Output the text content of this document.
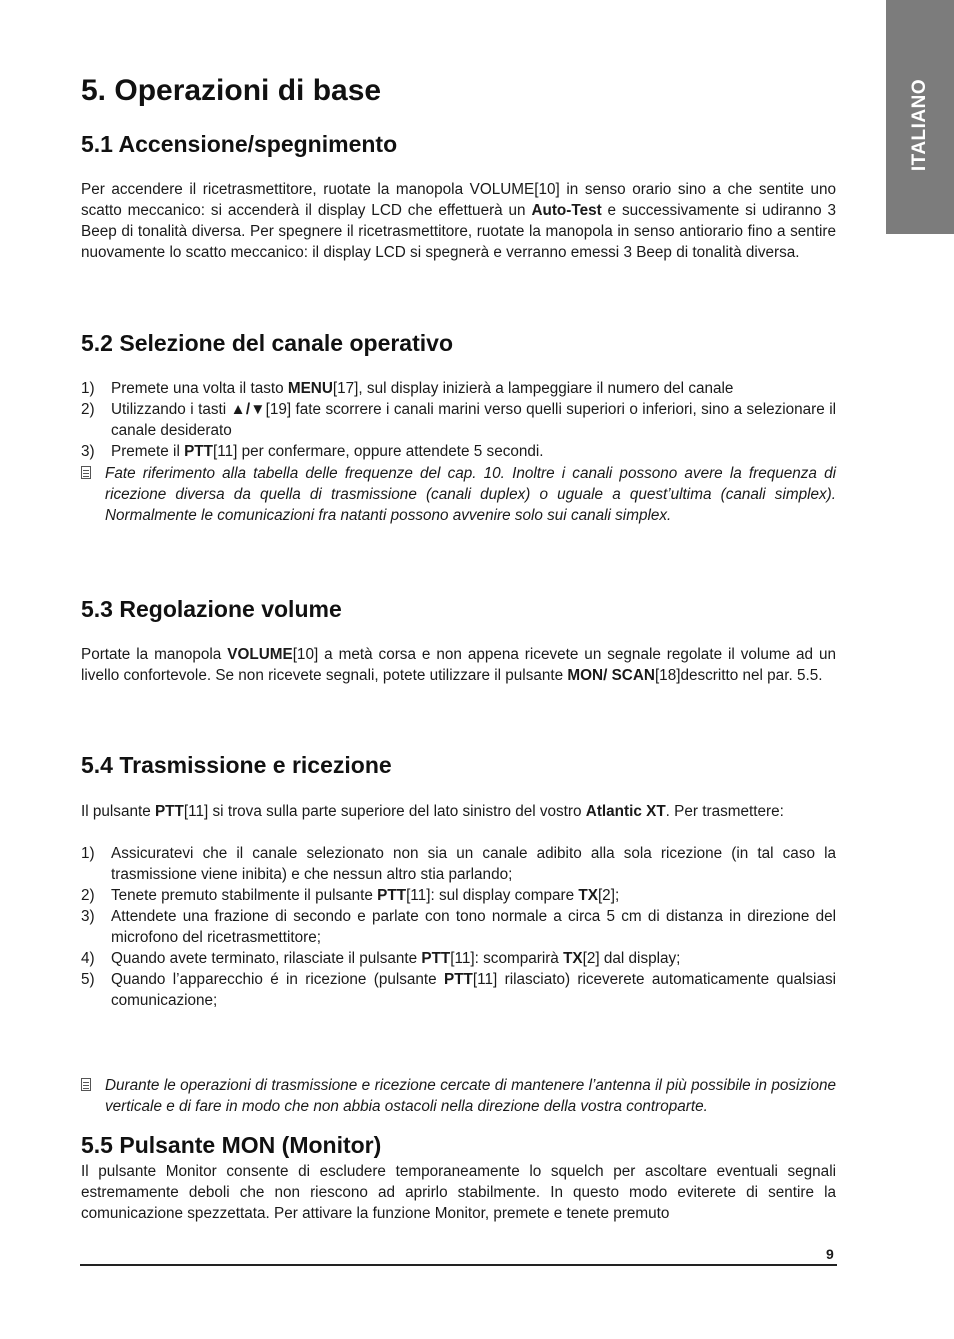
ITALIANO
5. Operazioni di base
5.1 Accensione/spegnimento

Per accendere il ricetrasmettitore, ruotate la manopola VOLUME[10] in senso orario sino a che sentite uno scatto meccanico: si accenderà il display LCD che effettuerà un Auto-Test e successivamente si udiranno 3 Beep di tonalità diversa. Per spegnere il ricetrasmettitore, ruotate la manopola in senso antiorario fino a sentire nuovamente lo scatto meccanico: il display LCD si spegnerà e verranno emessi 3 Beep di tonalità diversa.

5.2 Selezione del canale operativo
1) Premete una volta il tasto MENU[17], sul display inizierà a lampeggiare il numero del canale
2) Utilizzando i tasti ▲/▼[19] fate scorrere i canali marini verso quelli superiori o inferiori, sino a selezionare il canale desiderato
3) Premete il PTT[11] per confermare, oppure attendete 5 secondi.
Fate riferimento alla tabella delle frequenze del cap. 10. Inoltre i canali possono avere la frequenza di ricezione diversa da quella di trasmissione (canali duplex) o uguale a quest’ultima (canali simplex). Normalmente le comunicazioni fra natanti possono avvenire solo sui canali simplex.
5.3 Regolazione volume

Portate la manopola VOLUME[10] a metà corsa e non appena ricevete un segnale regolate il volume ad un livello confortevole. Se non ricevete segnali, potete utilizzare il pulsante MON/ SCAN[18]descritto nel par. 5.5.

5.4 Trasmissione e ricezione

Il pulsante PTT[11] si trova sulla parte superiore del lato sinistro del vostro Atlantic XT. Per trasmettere:

1) Assicuratevi che il canale selezionato non sia un canale adibito alla sola ricezione (in tal caso la trasmissione viene inibita) e che nessun altro stia parlando;
2) Tenete premuto stabilmente il pulsante PTT[11]: sul display compare TX[2];
3) Attendete una frazione di secondo e parlate con tono normale a circa 5 cm di distanza in direzione del microfono del ricetrasmettitore;
4) Quando avete terminato, rilasciate il pulsante PTT[11]: scomparirà TX[2] dal display;
5) Quando l’apparecchio é in ricezione (pulsante PTT[11] rilasciato) riceverete automaticamente qualsiasi comunicazione;
Durante le operazioni di trasmissione e ricezione cercate di mantenere l’antenna il più possibile in posizione verticale e di fare in modo che non abbia ostacoli nella direzione della vostra controparte.
5.5 Pulsante MON (Monitor)

Il pulsante Monitor consente di escludere temporaneamente lo squelch per ascoltare eventuali segnali estremamente deboli che non riescono ad aprirlo stabilmente. In questo modo eviterete di sentire la comunicazione spezzettata. Per attivare la funzione Monitor, premete e tenete premuto

9
